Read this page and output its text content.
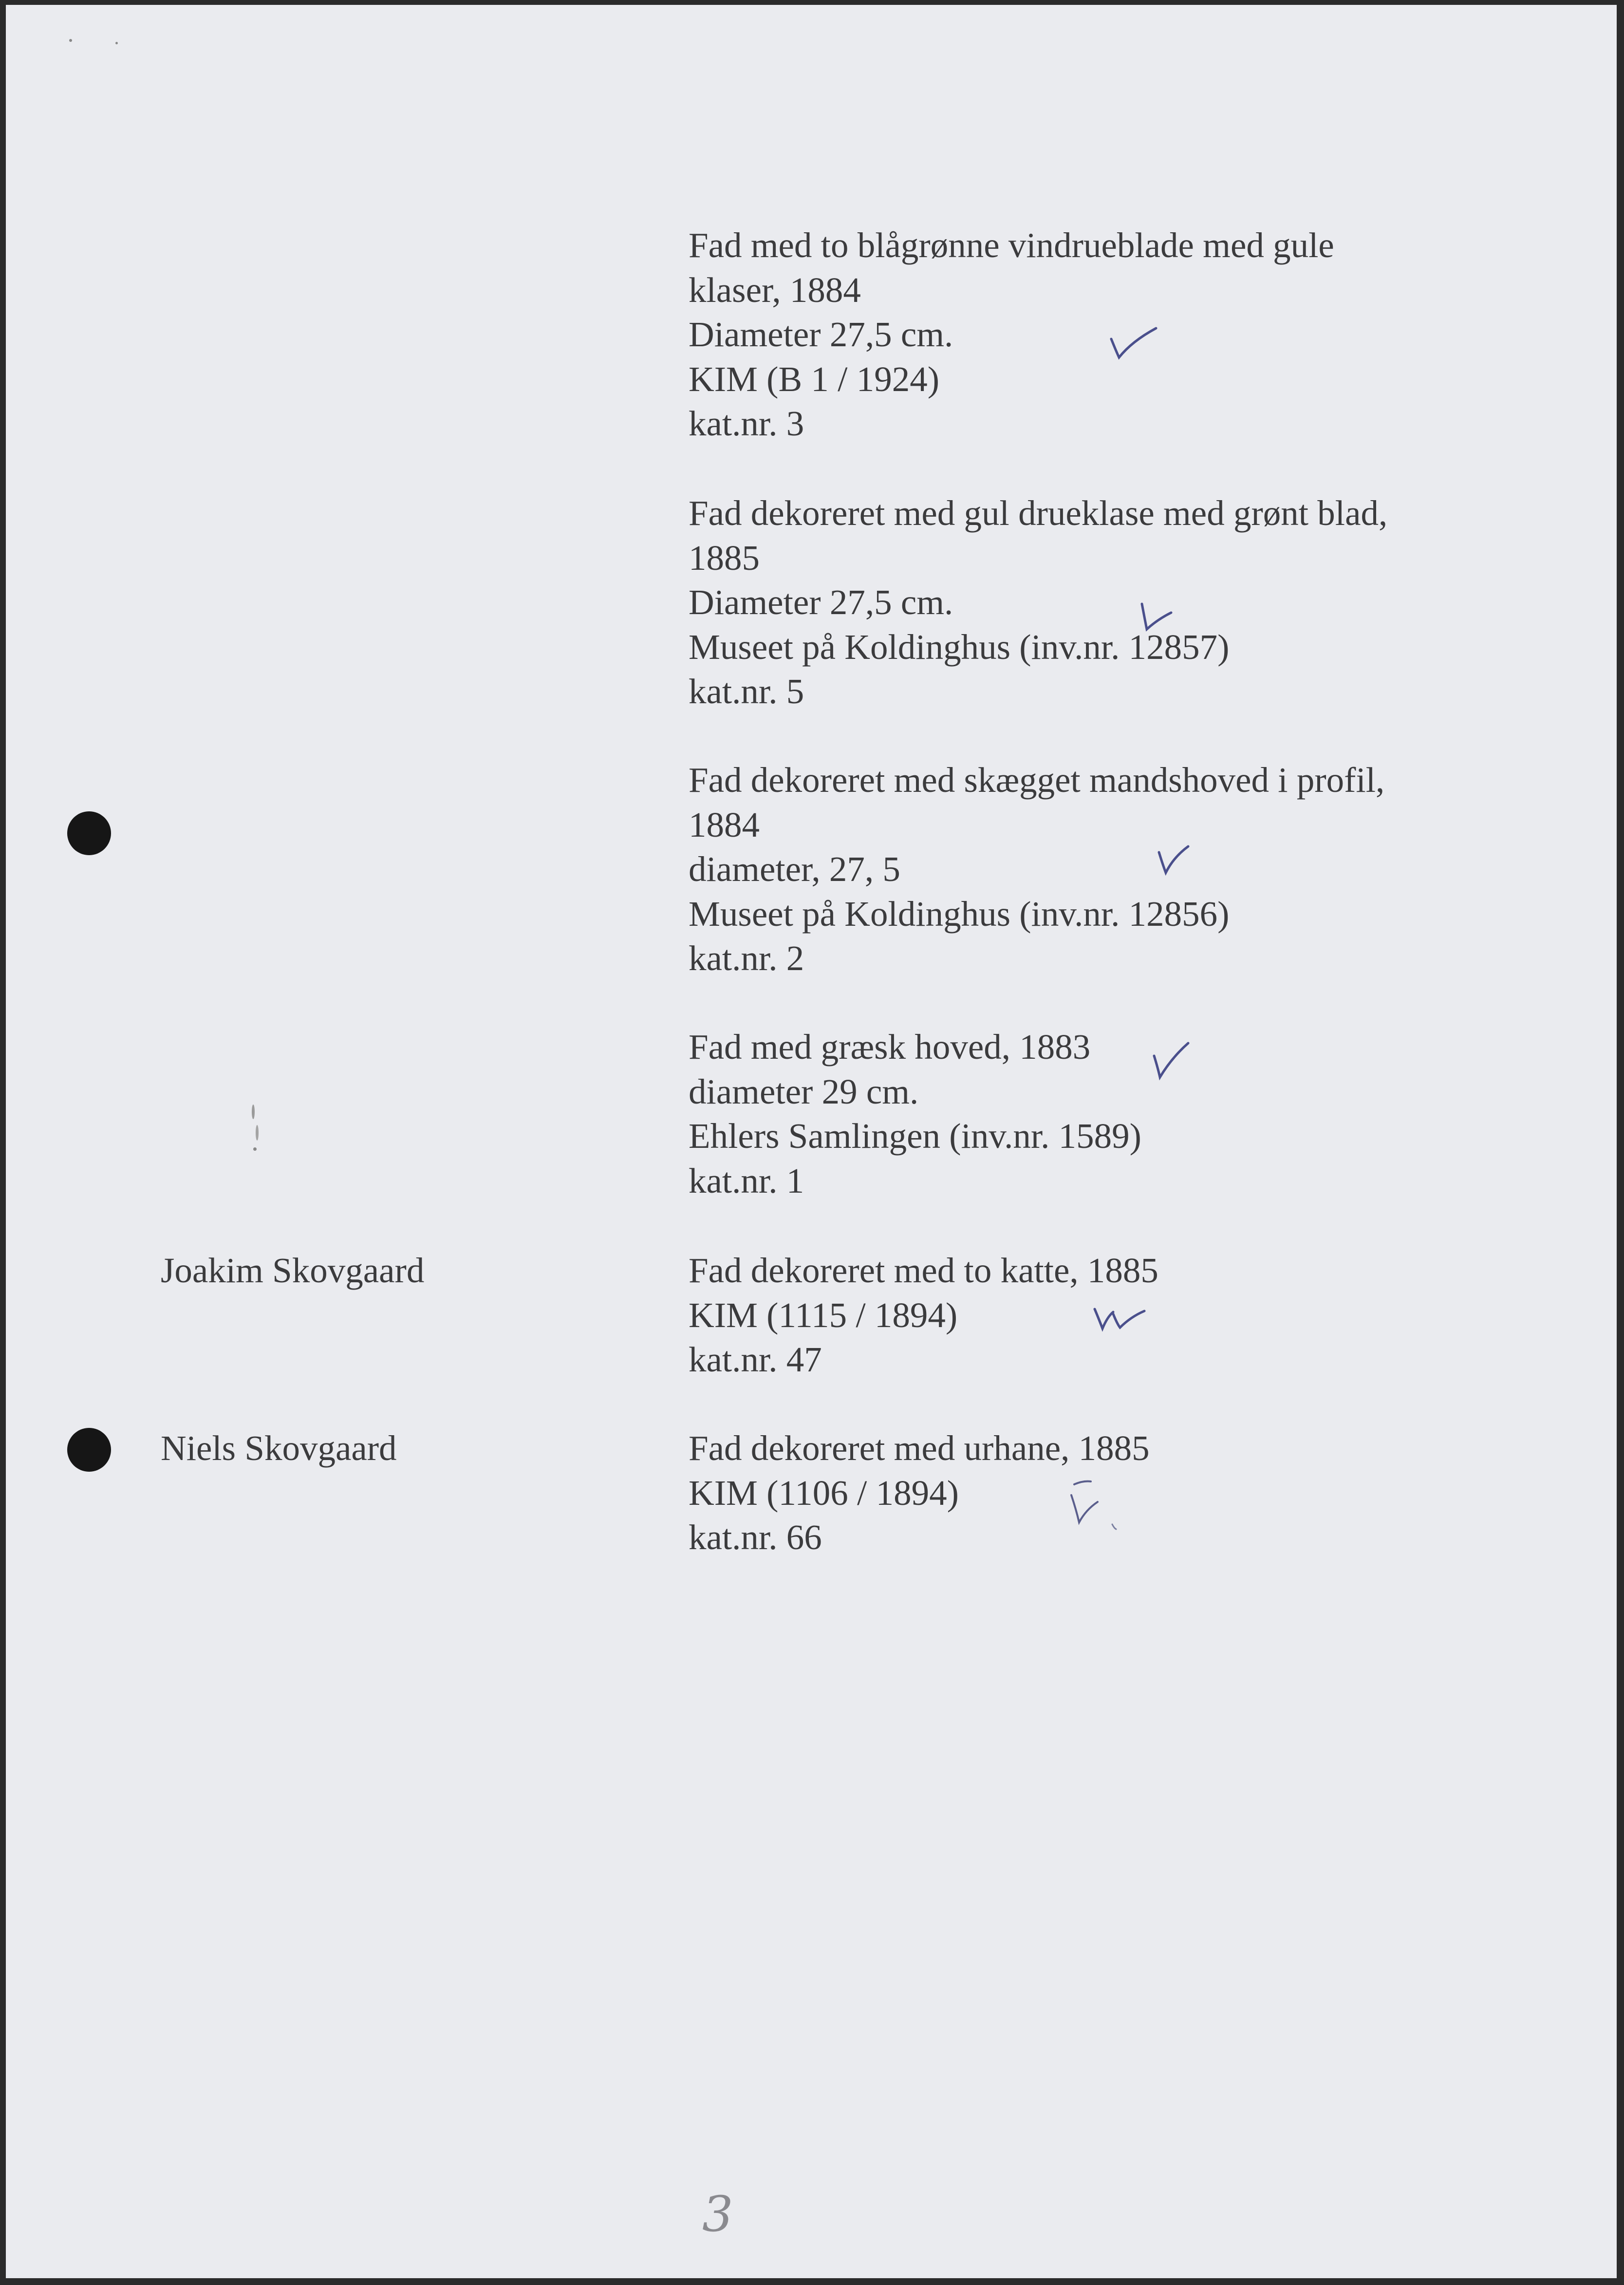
Fad med to blågrønne vindrueblade med gule
klaser, 1884
Diameter 27,5 cm.
KIM (B 1 / 1924)
kat.nr. 3
Fad dekoreret med gul drueklase med grønt blad,
1885
Diameter 27,5 cm.
Museet på Koldinghus (inv.nr. 12857)
kat.nr. 5
Fad dekoreret med skægget mandshoved i profil,
1884
diameter, 27, 5
Museet på Koldinghus (inv.nr. 12856)
kat.nr. 2
Fad med græsk hoved, 1883
diameter 29 cm.
Ehlers Samlingen (inv.nr. 1589)
kat.nr. 1
Joakim Skovgaard	Fad dekoreret med to katte, 1885
KIM (1115 / 1894)
kat.nr. 47
Niels Skovgaard	Fad dekoreret med urhane, 1885
KIM (1106 / 1894)
kat.nr. 66
3
